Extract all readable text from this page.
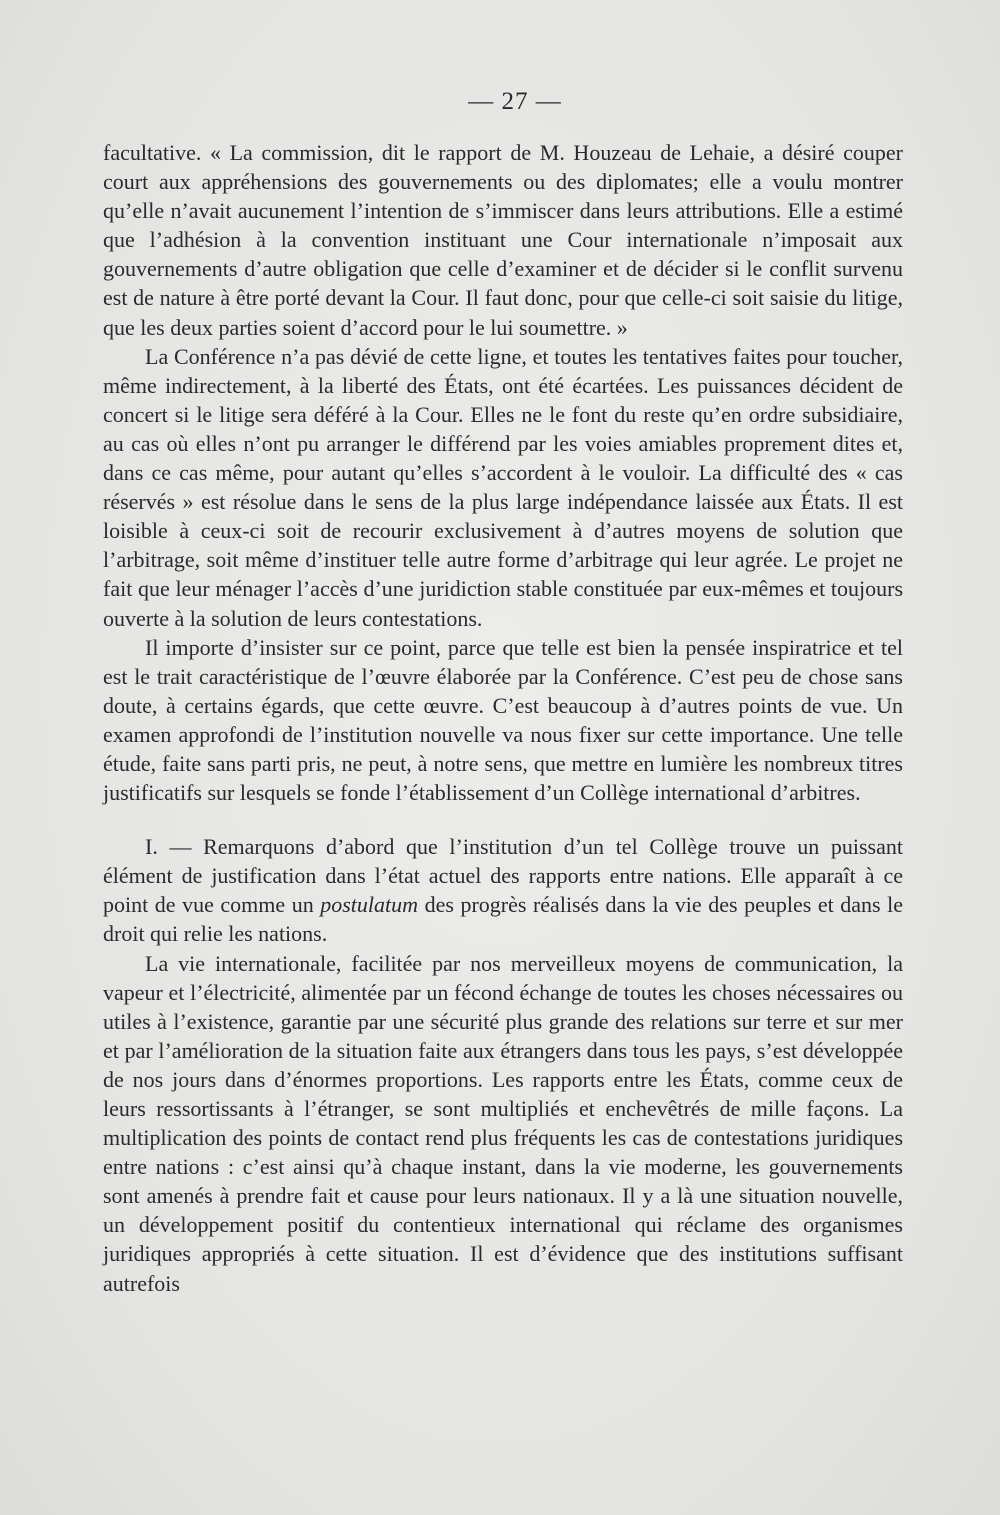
— 27 —

facultative. « La commission, dit le rapport de M. Houzeau de Lehaie, a désiré couper court aux appréhensions des gouvernements ou des diplomates; elle a voulu montrer qu’elle n’avait aucunement l’intention de s’immiscer dans leurs attributions. Elle a estimé que l’adhésion à la convention instituant une Cour internationale n’imposait aux gouvernements d’autre obligation que celle d’examiner et de décider si le conflit survenu est de nature à être porté devant la Cour. Il faut donc, pour que celle-ci soit saisie du litige, que les deux parties soient d’accord pour le lui soumettre. »

La Conférence n’a pas dévié de cette ligne, et toutes les tentatives faites pour toucher, même indirectement, à la liberté des États, ont été écartées. Les puissances décident de concert si le litige sera déféré à la Cour. Elles ne le font du reste qu’en ordre subsidiaire, au cas où elles n’ont pu arranger le différend par les voies amiables proprement dites et, dans ce cas même, pour autant qu’elles s’accordent à le vouloir. La difficulté des « cas réservés » est résolue dans le sens de la plus large indépendance laissée aux États. Il est loisible à ceux-ci soit de recourir exclusivement à d’autres moyens de solution que l’arbitrage, soit même d’instituer telle autre forme d’arbitrage qui leur agrée. Le projet ne fait que leur ménager l’accès d’une juridiction stable constituée par eux-mêmes et toujours ouverte à la solution de leurs contestations.

Il importe d’insister sur ce point, parce que telle est bien la pensée inspiratrice et tel est le trait caractéristique de l’œuvre élaborée par la Conférence. C’est peu de chose sans doute, à certains égards, que cette œuvre. C’est beaucoup à d’autres points de vue. Un examen approfondi de l’institution nouvelle va nous fixer sur cette importance. Une telle étude, faite sans parti pris, ne peut, à notre sens, que mettre en lumière les nombreux titres justificatifs sur lesquels se fonde l’établissement d’un Collège international d’arbitres.

I. — Remarquons d’abord que l’institution d’un tel Collège trouve un puissant élément de justification dans l’état actuel des rapports entre nations. Elle apparaît à ce point de vue comme un postulatum des progrès réalisés dans la vie des peuples et dans le droit qui relie les nations.

La vie internationale, facilitée par nos merveilleux moyens de communication, la vapeur et l’électricité, alimentée par un fécond échange de toutes les choses nécessaires ou utiles à l’existence, garantie par une sécurité plus grande des relations sur terre et sur mer et par l’amélioration de la situation faite aux étrangers dans tous les pays, s’est développée de nos jours dans d’énormes proportions. Les rapports entre les États, comme ceux de leurs ressortissants à l’étranger, se sont multipliés et enchevêtrés de mille façons. La multiplication des points de contact rend plus fréquents les cas de contestations juridiques entre nations : c’est ainsi qu’à chaque instant, dans la vie moderne, les gouvernements sont amenés à prendre fait et cause pour leurs nationaux. Il y a là une situation nouvelle, un développement positif du contentieux international qui réclame des organismes juridiques appropriés à cette situation. Il est d’évidence que des institutions suffisant autrefois
